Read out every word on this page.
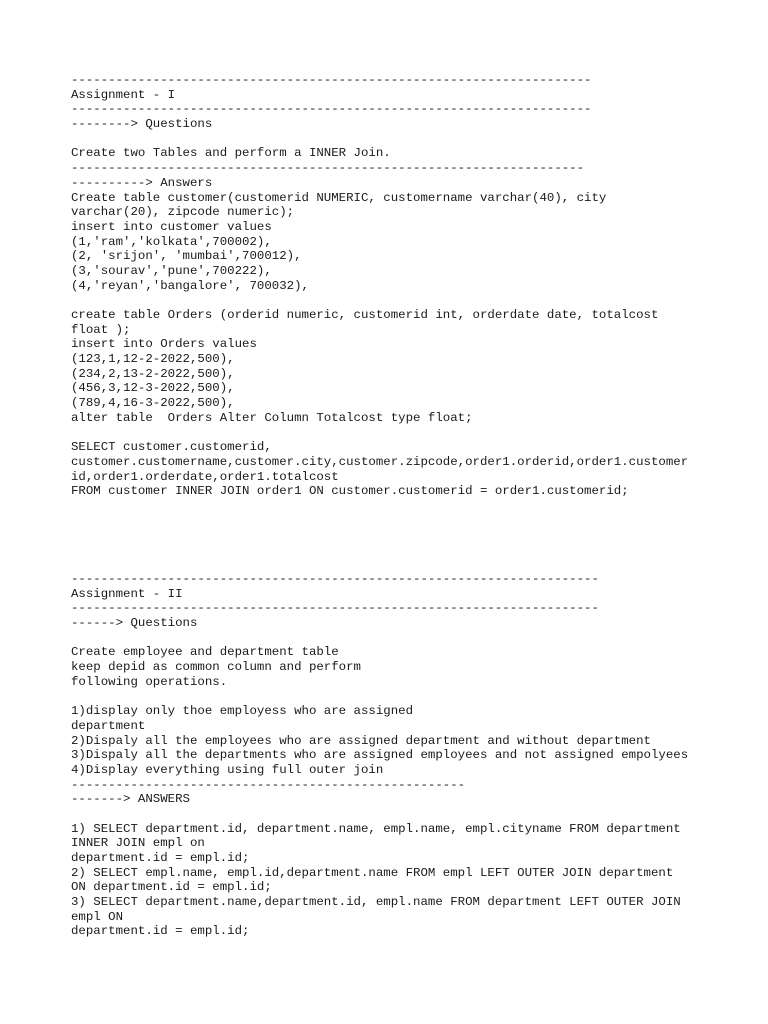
----------------------------------------------------------------------
Assignment - I
----------------------------------------------------------------------
--------> Questions
Create two Tables and perform a INNER Join.
---------------------------------------------------------------------
----------> Answers
Create table customer(customerid NUMERIC, customername varchar(40), city
varchar(20), zipcode numeric);
insert into customer values
(1,'ram','kolkata',700002),
(2, 'srijon', 'mumbai',700012),
(3,'sourav','pune',700222),
(4,'reyan','bangalore', 700032),
create table Orders (orderid numeric, customerid int, orderdate date, totalcost
float );
insert into Orders values
(123,1,12-2-2022,500),
(234,2,13-2-2022,500),
(456,3,12-3-2022,500),
(789,4,16-3-2022,500),
alter table  Orders Alter Column Totalcost type float;
SELECT customer.customerid,
customer.customername,customer.city,customer.zipcode,order1.orderid,order1.customer
id,order1.orderdate,order1.totalcost
FROM customer INNER JOIN order1 ON customer.customerid = order1.customerid;
-----------------------------------------------------------------------
Assignment - II
-----------------------------------------------------------------------
------> Questions
Create employee and department table
keep depid as common column and perform
following operations.
1)display only thoe employess who are assigned
department
2)Dispaly all the employees who are assigned department and without department
3)Dispaly all the departments who are assigned employees and not assigned empolyees
4)Display everything using full outer join
-----------------------------------------------------
-------> ANSWERS
1) SELECT department.id, department.name, empl.name, empl.cityname FROM department
INNER JOIN empl on
department.id = empl.id;
2) SELECT empl.name, empl.id,department.name FROM empl LEFT OUTER JOIN department
ON department.id = empl.id;
3) SELECT department.name,department.id, empl.name FROM department LEFT OUTER JOIN
empl ON
department.id = empl.id;
